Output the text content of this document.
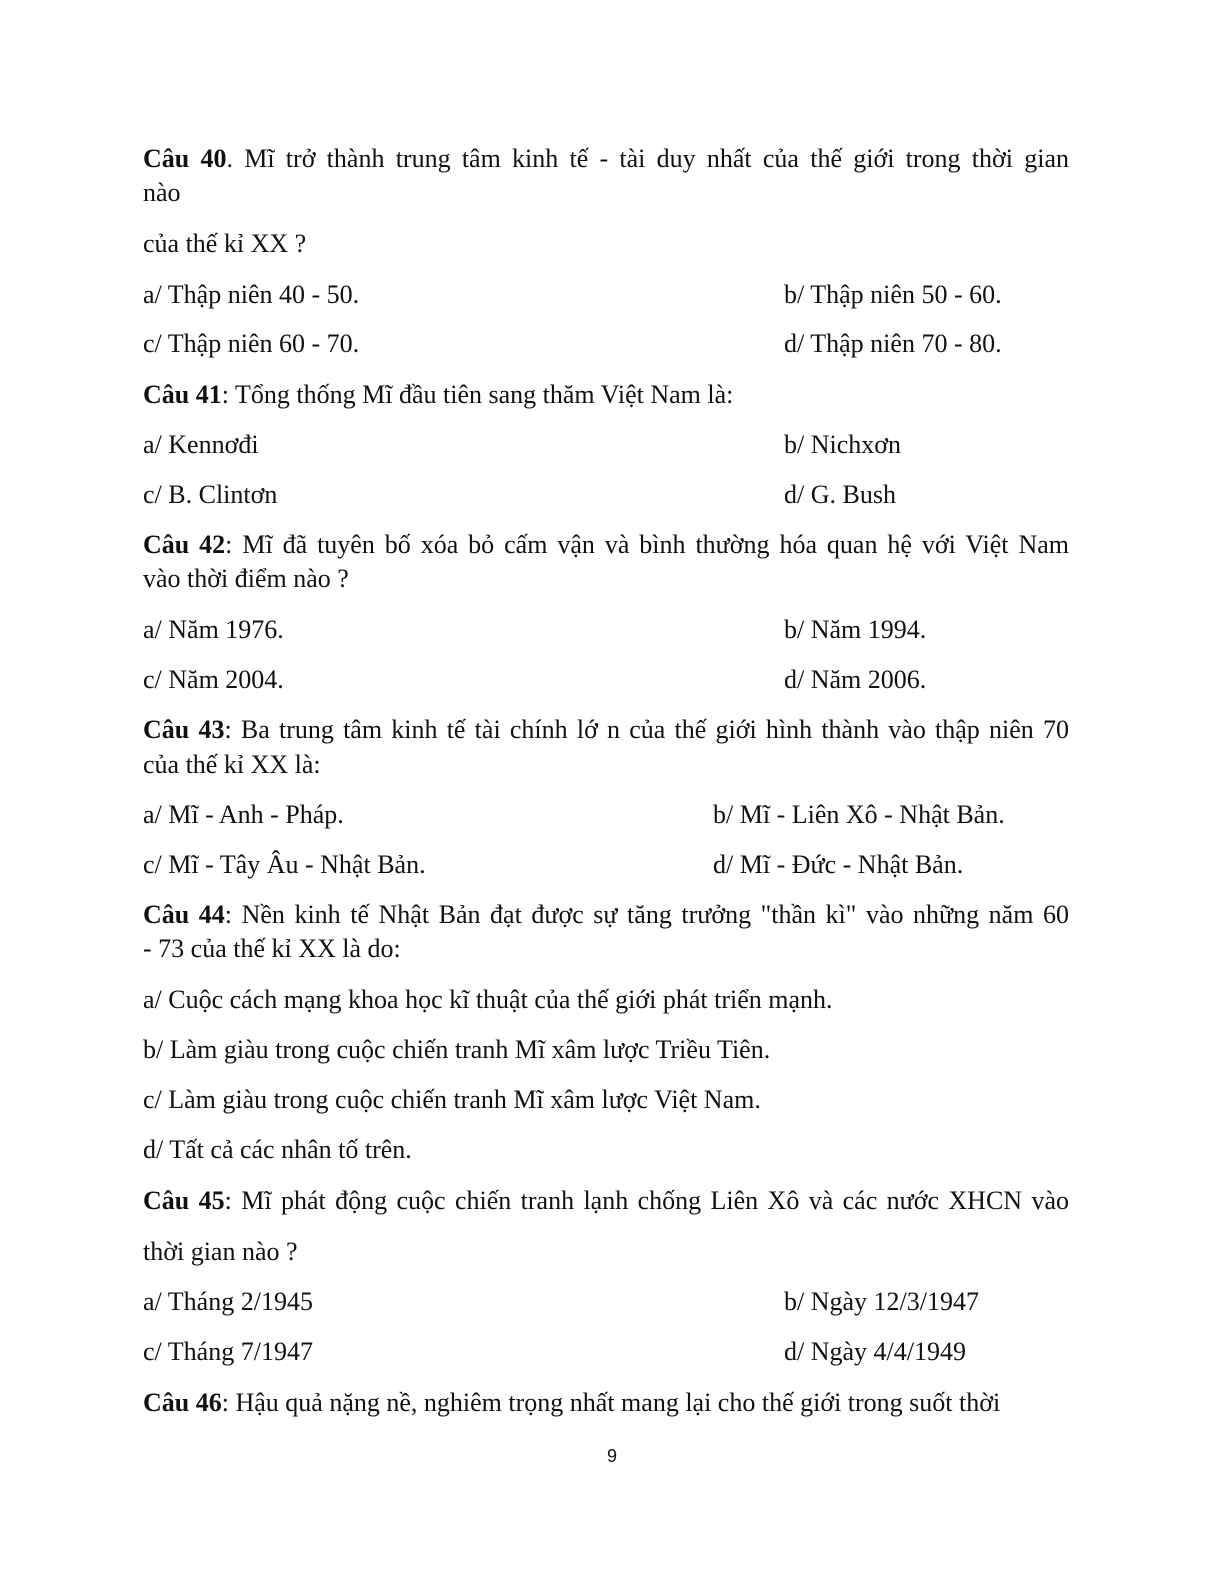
Câu 40. Mĩ trở thành trung tâm kinh tế - tài duy nhất của thế giới trong thời gian
nào
của thế kỉ XX ?
a/ Thập niên 40 - 50.	b/ Thập niên 50 - 60.
c/ Thập niên 60 - 70.	d/ Thập niên 70 - 80.
Câu 41: Tổng thống Mĩ đầu tiên sang thăm Việt Nam là:
a/ Kennơđi	b/ Nichxơn
c/ B. Clintơn	d/ G. Bush
Câu 42: Mĩ đã tuyên bố xóa bỏ cấm vận và bình thường hóa quan hệ với Việt Nam
vào thời điểm nào ?
a/ Năm 1976.	b/ Năm 1994.
c/ Năm 2004.	d/ Năm 2006.
Câu 43: Ba trung tâm kinh tế tài chính lớ n của thế giới hình thành vào thập niên 70
của thế kỉ XX là:
a/ Mĩ - Anh - Pháp.	b/ Mĩ - Liên Xô - Nhật Bản.
c/ Mĩ - Tây Âu - Nhật Bản.	d/ Mĩ - Đức - Nhật Bản.
Câu 44: Nền kinh tế Nhật Bản đạt được sự tăng trưởng "thần kì" vào những năm 60
- 73 của thế kỉ XX là do:
a/ Cuộc cách mạng khoa học kĩ thuật của thế giới phát triển mạnh.
b/ Làm giàu trong cuộc chiến tranh Mĩ xâm lược Triều Tiên.
c/ Làm giàu trong cuộc chiến tranh Mĩ xâm lược Việt Nam.
d/ Tất cả các nhân tố trên.
Câu 45: Mĩ phát động cuộc chiến tranh lạnh chống Liên Xô và các nước XHCN vào
thời gian nào ?
a/ Tháng 2/1945	b/ Ngày 12/3/1947
c/ Tháng 7/1947	d/ Ngày 4/4/1949
Câu 46: Hậu quả nặng nề, nghiêm trọng nhất mang lại cho thế giới trong suốt thời
9
